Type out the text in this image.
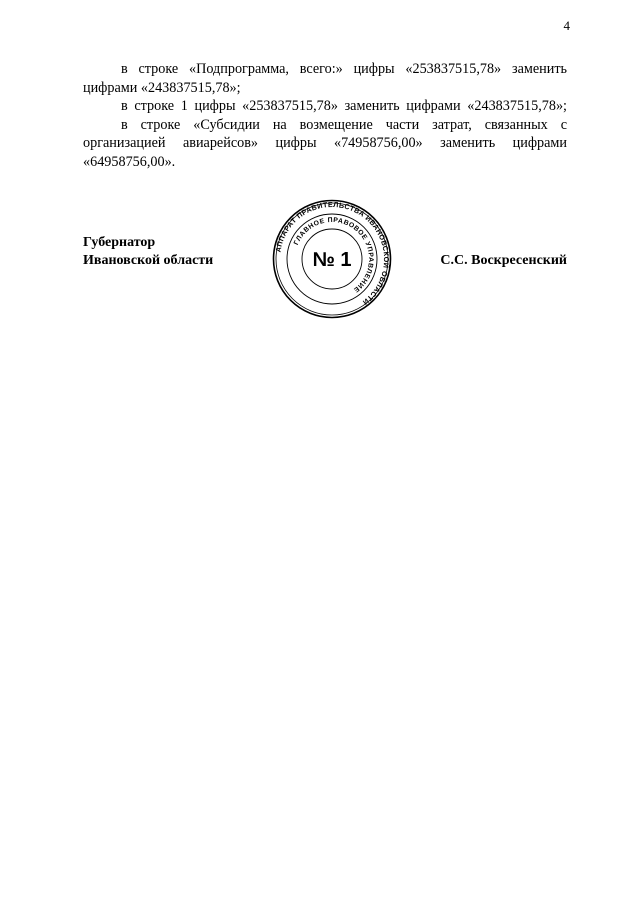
4

в строке «Подпрограмма, всего:» цифры «253837515,78» заменить цифрами «243837515,78»;

в строке 1 цифры «253837515,78» заменить цифрами «243837515,78»;

в строке «Субсидии на возмещение части затрат, связанных с организацией авиарейсов» цифры «74958756,00» заменить цифрами «64958756,00».

Губернатор
Ивановской области	С.С. Воскресенский
АППАРАТ ПРАВИТЕЛЬСТВА ИВАНОВСКОЙ ОБЛАСТИ
ГЛАВНОЕ ПРАВОВОЕ УПРАВЛЕНИЕ
№ 1
